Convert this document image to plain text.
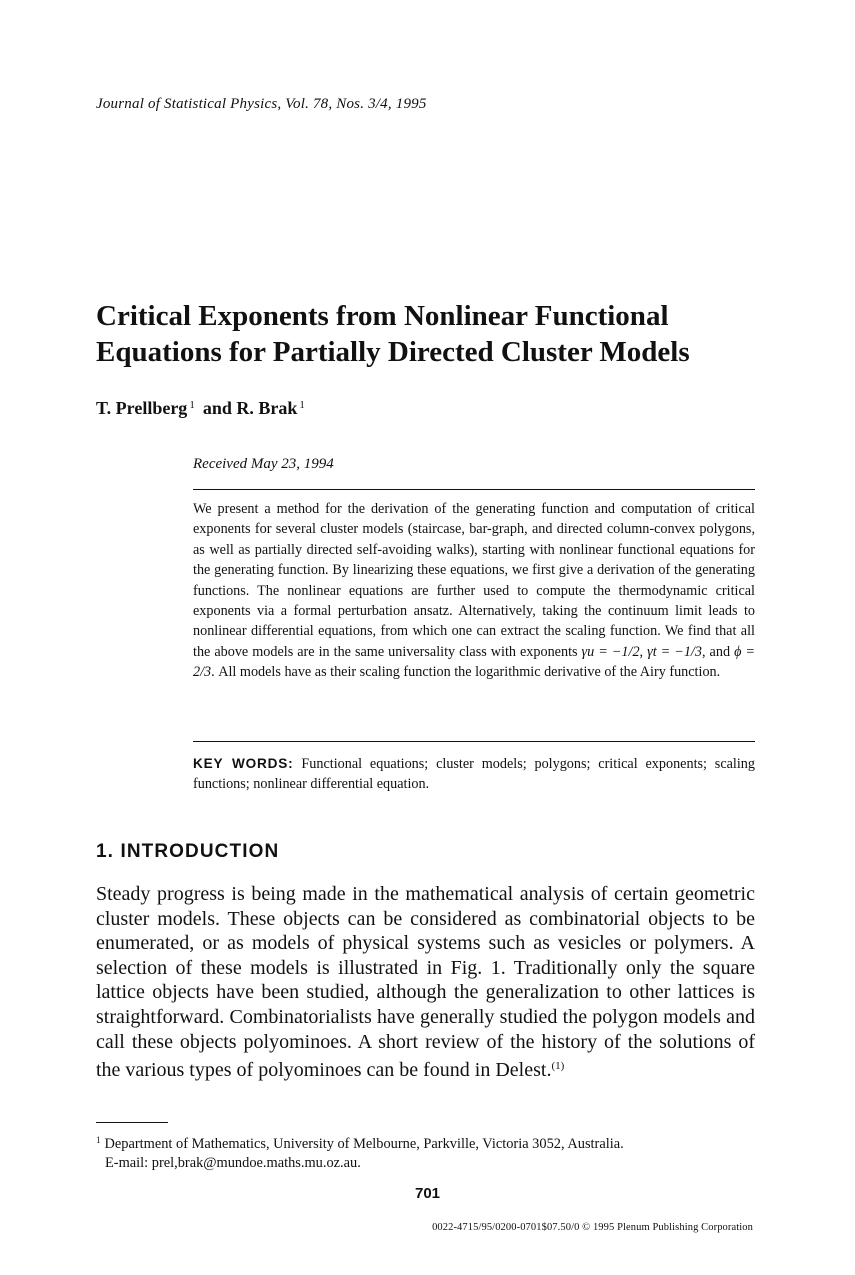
Journal of Statistical Physics, Vol. 78, Nos. 3/4, 1995
Critical Exponents from Nonlinear Functional
Equations for Partially Directed Cluster Models
T. Prellberg $^1$ and R. Brak $^1$
Received May 23, 1994
We present a method for the derivation of the generating function and computation of critical exponents for several cluster models (staircase, bar-graph, and directed column-convex polygons, as well as partially directed self-avoiding walks), starting with nonlinear functional equations for the generating function. By linearizing these equations, we first give a derivation of the generating functions. The nonlinear equations are further used to compute the thermodynamic critical exponents via a formal perturbation ansatz. Alternatively, taking the continuum limit leads to nonlinear differential equations, from which one can extract the scaling function. We find that all the above models are in the same universality class with exponents γu = −1/2, γt = −1/3, and ϕ = 2/3. All models have as their scaling function the logarithmic derivative of the Airy function.
KEY WORDS: Functional equations; cluster models; polygons; critical exponents; scaling functions; nonlinear differential equation.
1. INTRODUCTION
Steady progress is being made in the mathematical analysis of certain geometric cluster models. These objects can be considered as combinatorial objects to be enumerated, or as models of physical systems such as vesicles or polymers. A selection of these models is illustrated in Fig. 1. Traditionally only the square lattice objects have been studied, although the generalization to other lattices is straightforward. Combinatorialists have generally studied the polygon models and call these objects polyominoes. A short review of the history of the solutions of the various types of polyominoes can be found in Delest.$^{(1)}$
$^1$ Department of Mathematics, University of Melbourne, Parkville, Victoria 3052, Australia.
E-mail: prel,brak@mundoe.maths.mu.oz.au.
701
0022-4715/95/0200-0701$07.50/0 © 1995 Plenum Publishing Corporation
